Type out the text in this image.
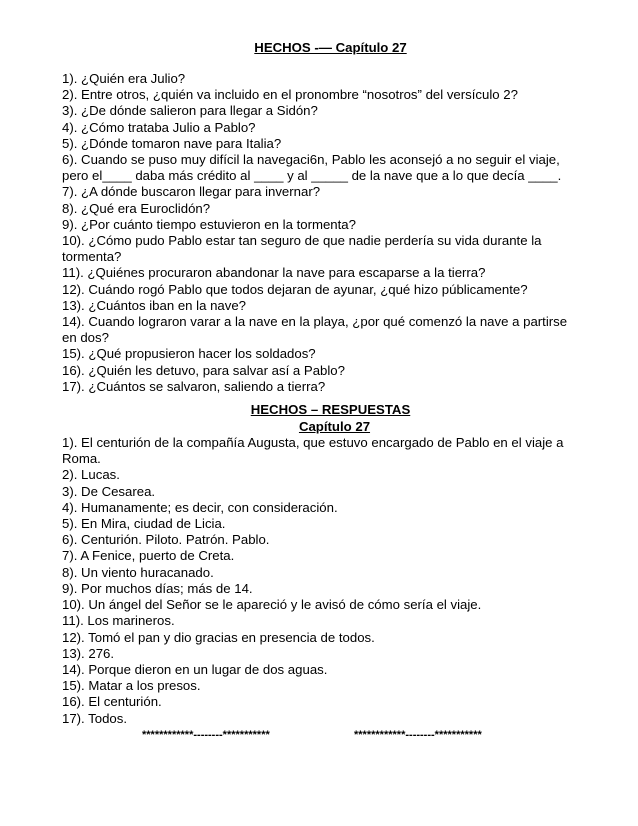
HECHOS -— Capítulo 27

1). ¿Quién era Julio?

2). Entre otros, ¿quién va incluido en el pronombre “nosotros” del versículo 2?

3). ¿De dónde salieron para llegar a Sidón?

4). ¿Cómo trataba Julio a Pablo?

5). ¿Dónde tomaron nave para Italia?

6). Cuando se puso muy difícil la navegaci6n, Pablo les aconsejó a no seguir el viaje,

pero el____ daba más crédito al ____ y al _____ de la nave que a lo que decía ____.

7). ¿A dónde buscaron llegar para invernar?

8). ¿Qué era Euroclidón?

9). ¿Por cuánto tiempo estuvieron en la tormenta?

10). ¿Cómo pudo Pablo estar tan seguro de que nadie perdería su vida durante la

tormenta?

11). ¿Quiénes procuraron abandonar la nave para escaparse a la tierra?

12). Cuándo rogó Pablo que todos dejaran de ayunar, ¿qué hizo públicamente?

13). ¿Cuántos iban en la nave?

14). Cuando lograron varar a la nave en la playa, ¿por qué comenzó la nave a partirse

en dos?

15). ¿Qué propusieron hacer los soldados?

16). ¿Quién les detuvo, para salvar así a Pablo?

17). ¿Cuántos se salvaron, saliendo a tierra?

HECHOS – RESPUESTAS

Capítulo 27

1). El centurión de la compañía Augusta, que estuvo encargado de Pablo en el viaje a

Roma.

2). Lucas.

3). De Cesarea.

4). Humanamente; es decir, con consideración.

5). En Mira, ciudad de Licia.

6). Centurión. Piloto. Patrón. Pablo.

7). A Fenice, puerto de Creta.

8). Un viento huracanado.

9). Por muchos días; más de 14.

10). Un ángel del Señor se le apareció y le avisó de cómo sería el viaje.

11). Los marineros.

12). Tomó el pan y dio gracias en presencia de todos.

13). 276.

14). Porque dieron en un lugar de dos aguas.

15). Matar a los presos.

16). El centurión.

17). Todos.

************--------***********	************--------***********
